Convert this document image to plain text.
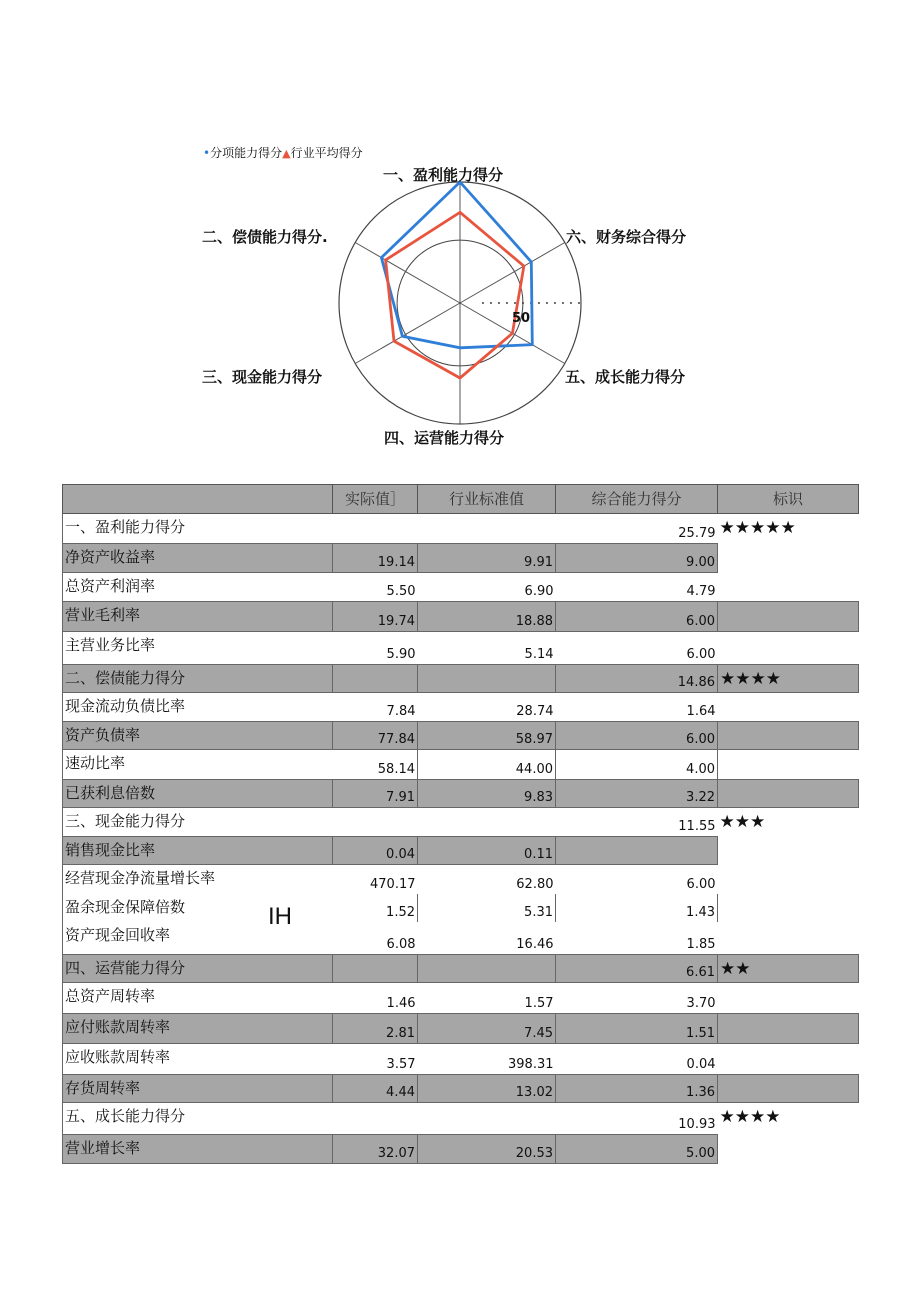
•分项能力得分▲行业平均得分
一、盈利能力得分
六、财务综合得分
五、成长能力得分
四、运营能力得分
三、现金能力得分
二、偿债能力得分.
50
	实际值］	行业标准值	综合能力得分	标识
一、盈利能力得分			25.79	★★★★★
净资产收益率	19.14	9.91	9.00	
总资产利润率	5.50	6.90	4.79	
营业毛利率	19.74	18.88	6.00	
主营业务比率	5.90	5.14	6.00	
二、偿债能力得分			14.86	★★★★
现金流动负债比率	7.84	28.74	1.64	
资产负债率	77.84	58.97	6.00	
速动比率	58.14	44.00	4.00	
已获利息倍数	7.91	9.83	3.22	
三、现金能力得分			11.55	★★★
销售现金比率	0.04	0.11		
经营现金净流量增长率	470.17	62.80	6.00	
盈余现金保障倍数	1.52	5.31	1.43	
资产现金回收率	6.08	16.46	1.85	
四、运营能力得分			6.61	★★
总资产周转率	1.46	1.57	3.70	
应付账款周转率	2.81	7.45	1.51	
应收账款周转率	3.57	398.31	0.04	
存货周转率	4.44	13.02	1.36	
五、成长能力得分			10.93	★★★★
营业增长率	32.07	20.53	5.00	
IH
